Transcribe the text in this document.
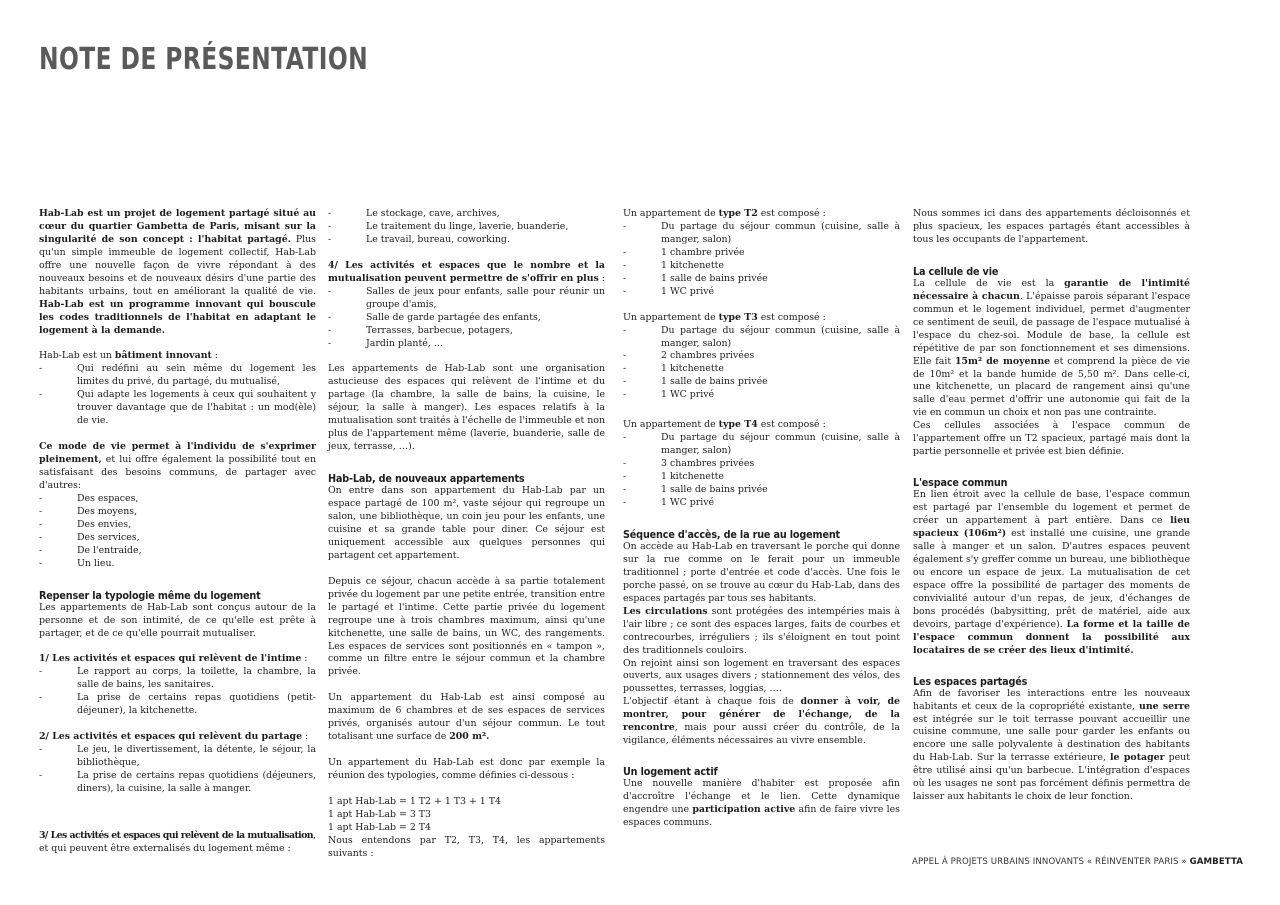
NOTE DE PRÉSENTATION

Hab-Lab est un projet de logement partagé situé au cœur du quartier Gambetta de Paris, misant sur la singularité de son concept : l'habitat partagé. Plus qu'un simple immeuble de logement collectif, Hab-Lab offre une nouvelle façon de vivre répondant à des nouveaux besoins et de nouveaux désirs d'une partie des habitants urbains, tout en améliorant la qualité de vie. Hab-Lab est un programme innovant qui bouscule les codes traditionnels de l'habitat en adaptant le logement à la demande.

Hab-Lab est un bâtiment innovant :

-	Qui redéfini au sein même du logement les limites du privé, du partagé, du mutualisé,
-	Qui adapte les logements à ceux qui souhaitent y trouver davantage que de l'habitat : un mod(èle) de vie.

Ce mode de vie permet à l'individu de s'exprimer pleinement, et lui offre également la possibilité tout en satisfaisant des besoins communs, de partager avec d'autres:

-	Des espaces,
-	Des moyens,
-	Des envies,
-	Des services,
-	De l'entraide,
-	Un lieu.

Repenser la typologie même du logement

Les appartements de Hab-Lab sont conçus autour de la personne et de son intimité, de ce qu'elle est prête à partager, et de ce qu'elle pourrait mutualiser.

1/ Les activités et espaces qui relèvent de l'intime :

-	Le rapport au corps, la toilette, la chambre, la salle de bains, les sanitaires.
-	La prise de certains repas quotidiens (petit-déjeuner), la kitchenette.

2/ Les activités et espaces qui relèvent du partage :

-	Le jeu, le divertissement, la détente, le séjour, la bibliothèque,
-	La prise de certains repas quotidiens (déjeuners, diners), la cuisine, la salle à manger.

3/ Les activités et espaces qui relèvent de la mutualisation, et qui peuvent être externalisés du logement même :

-	Le stockage, cave, archives,
-	Le traitement du linge, laverie, buanderie,
-	Le travail, bureau, coworking.

4/ Les activités et espaces que le nombre et la mutualisation peuvent permettre de s'offrir en plus :

-	Salles de jeux pour enfants, salle pour réunir un groupe d'amis,
-	Salle de garde partagée des enfants,
-	Terrasses, barbecue, potagers,
-	Jardin planté, …

Les appartements de Hab-Lab sont une organisation astucieuse des espaces qui relèvent de l'intime et du partage (la chambre, la salle de bains, la cuisine, le séjour, la salle à manger). Les espaces relatifs à la mutualisation sont traités à l'échelle de l'immeuble et non plus de l'appartement même (laverie, buanderie, salle de jeux, terrasse, …).

Hab-Lab, de nouveaux appartements

On entre dans son appartement du Hab-Lab par un espace partagé de 100 m², vaste séjour qui regroupe un salon, une bibliothèque, un coin jeu pour les enfants, une cuisine et sa grande table pour diner. Ce séjour est uniquement accessible aux quelques personnes qui partagent cet appartement.

Depuis ce séjour, chacun accède à sa partie totalement privée du logement par une petite entrée, transition entre le partagé et l'intime. Cette partie privée du logement regroupe une à trois chambres maximum, ainsi qu'une kitchenette, une salle de bains, un WC, des rangements. Les espaces de services sont positionnés en « tampon », comme un filtre entre le séjour commun et la chambre privée.

Un appartement du Hab-Lab est ainsi composé au maximum de 6 chambres et de ses espaces de services privés, organisés autour d'un séjour commun. Le tout totalisant une surface de 200 m².

Un appartement du Hab-Lab est donc par exemple la réunion des typologies, comme définies ci-dessous :

1 apt Hab-Lab = 1 T2 + 1 T3 + 1 T4

1 apt Hab-Lab = 3 T3

1 apt Hab-Lab = 2 T4

Nous entendons par T2, T3, T4, les appartements suivants :

Un appartement de type T2 est composé :

-	Du partage du séjour commun (cuisine, salle à manger, salon)
-	1 chambre privée
-	1 kitchenette
-	1 salle de bains privée
-	1 WC privé

Un appartement de type T3 est composé :

-	Du partage du séjour commun (cuisine, salle à manger, salon)
-	2 chambres privées
-	1 kitchenette
-	1 salle de bains privée
-	1 WC privé

Un appartement de type T4 est composé :

-	Du partage du séjour commun (cuisine, salle à manger, salon)
-	3 chambres privées
-	1 kitchenette
-	1 salle de bains privée
-	1 WC privé

Séquence d'accès, de la rue au logement

On accède au Hab-Lab en traversant le porche qui donne sur la rue comme on le ferait pour un immeuble traditionnel ; porte d'entrée et code d'accès. Une fois le porche passé, on se trouve au cœur du Hab-Lab, dans des espaces partagés par tous ses habitants.

Les circulations sont protégées des intempéries mais à l'air libre ; ce sont des espaces larges, faits de courbes et contrecourbes, irréguliers ; ils s'éloignent en tout point des traditionnels couloirs.

On rejoint ainsi son logement en traversant des espaces ouverts, aux usages divers ; stationnement des vélos, des poussettes, terrasses, loggias, ….

L'objectif étant à chaque fois de donner à voir, de montrer, pour générer de l'échange, de la rencontre, mais pour aussi créer du contrôle, de la vigilance, éléments nécessaires au vivre ensemble.

Un logement actif

Une nouvelle manière d'habiter est proposée afin d'accroître l'échange et le lien. Cette dynamique engendre une participation active afin de faire vivre les espaces communs.

Nous sommes ici dans des appartements décloisonnés et plus spacieux, les espaces partagés étant accessibles à tous les occupants de l'appartement.

La cellule de vie

La cellule de vie est la garantie de l'intimité nécessaire à chacun. L'épaisse parois séparant l'espace commun et le logement individuel, permet d'augmenter ce sentiment de seuil, de passage de l'espace mutualisé à l'espace du chez-soi. Module de base, la cellule est répétitive de par son fonctionnement et ses dimensions. Elle fait 15m² de moyenne et comprend la pièce de vie de 10m² et la bande humide de 5,50 m². Dans celle-ci, une kitchenette, un placard de rangement ainsi qu'une salle d'eau permet d'offrir une autonomie qui fait de la vie en commun un choix et non pas une contrainte.

Ces cellules associées à l'espace commun de l'appartement offre un T2 spacieux, partagé mais dont la partie personnelle et privée est bien définie.

L'espace commun

En lien étroit avec la cellule de base, l'espace commun est partagé par l'ensemble du logement et permet de créer un appartement à part entière. Dans ce lieu spacieux (106m²) est installé une cuisine, une grande salle à manger et un salon. D'autres espaces peuvent également s'y greffer comme un bureau, une bibliothèque ou encore un espace de jeux. La mutualisation de cet espace offre la possibilité de partager des moments de convivialité autour d'un repas, de jeux, d'échanges de bons procédés (babysitting, prêt de matériel, aide aux devoirs, partage d'expérience). La forme et la taille de l'espace commun donnent la possibilité aux locataires de se créer des lieux d'intimité.

Les espaces partagés

Afin de favoriser les interactions entre les nouveaux habitants et ceux de la copropriété existante, une serre est intégrée sur le toit terrasse pouvant accueillir une cuisine commune, une salle pour garder les enfants ou encore une salle polyvalente à destination des habitants du Hab-Lab. Sur la terrasse extérieure, le potager peut être utilisé ainsi qu'un barbecue. L'intégration d'espaces où les usages ne sont pas forcément définis permettra de laisser aux habitants le choix de leur fonction.

APPEL À PROJETS URBAINS INNOVANTS « RÉINVENTER PARIS » GAMBETTA
